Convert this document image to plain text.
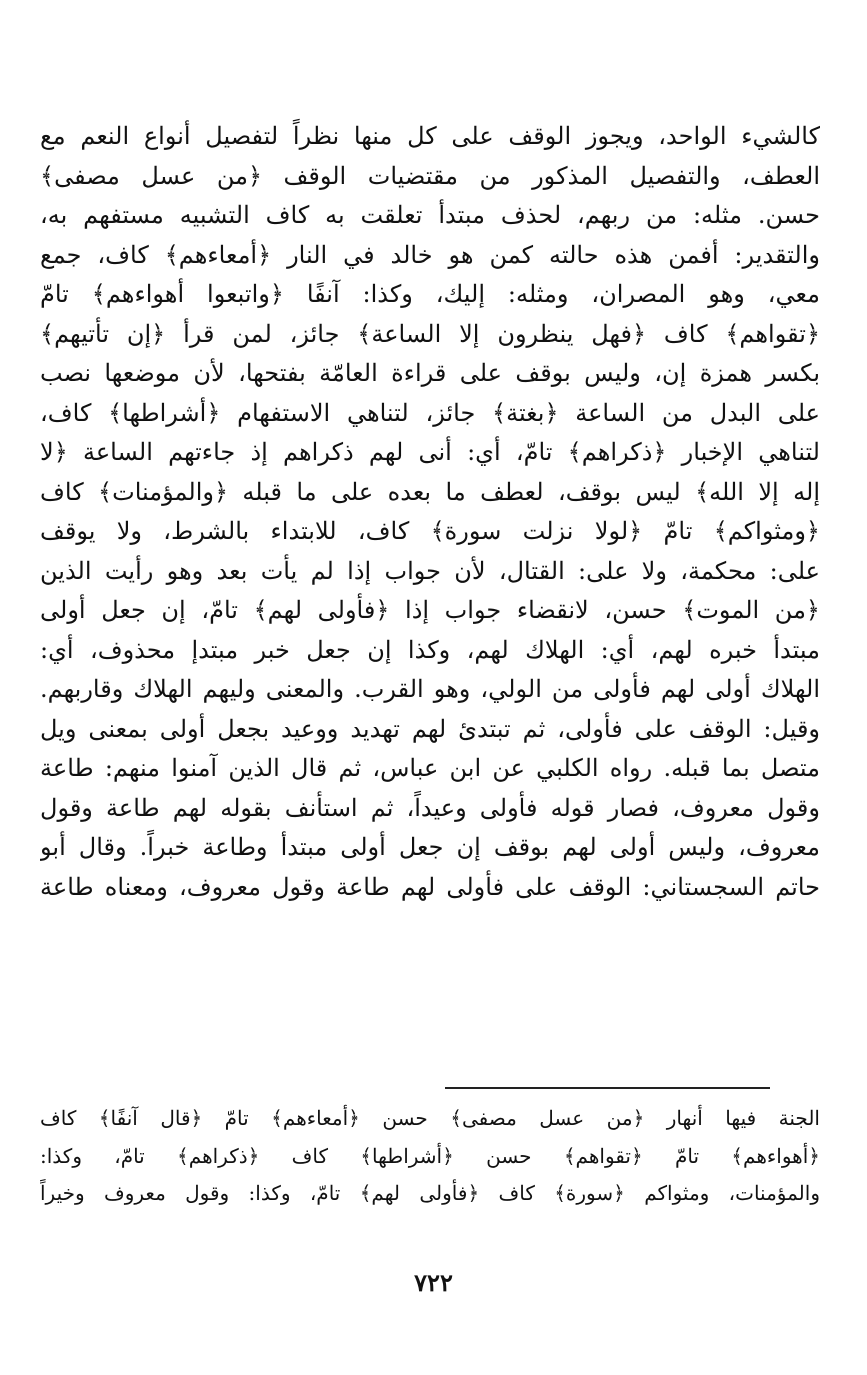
كالشيء الواحد، ويجوز الوقف على كل منها نظراً لتفصيل أنواع النعم مع
العطف، والتفصيل المذكور من مقتضيات الوقف ﴿من عسل مصفى﴾
حسن. مثله: من ربهم، لحذف مبتدأ تعلقت به كاف التشبيه مستفهم به،
والتقدير: أفمن هذه حالته كمن هو خالد في النار ﴿أمعاءهم﴾ كاف، جمع
معي، وهو المصران، ومثله: إليك، وكذا: آنفًا ﴿واتبعوا أهواءهم﴾ تامّ
﴿تقواهم﴾ كاف ﴿فهل ينظرون إلا الساعة﴾ جائز، لمن قرأ ﴿إن تأتيهم﴾
بكسر همزة إن، وليس بوقف على قراءة العامّة بفتحها، لأن موضعها نصب
على البدل من الساعة ﴿بغتة﴾ جائز، لتناهي الاستفهام ﴿أشراطها﴾ كاف،
لتناهي الإخبار ﴿ذكراهم﴾ تامّ، أي: أنى لهم ذكراهم إذ جاءتهم الساعة ﴿لا
إله إلا الله﴾ ليس بوقف، لعطف ما بعده على ما قبله ﴿والمؤمنات﴾ كاف
﴿ومثواكم﴾ تامّ ﴿لولا نزلت سورة﴾ كاف، للابتداء بالشرط، ولا يوقف
على: محكمة، ولا على: القتال، لأن جواب إذا لم يأت بعد وهو رأيت الذين
﴿من الموت﴾ حسن، لانقضاء جواب إذا ﴿فأولى لهم﴾ تامّ، إن جعل أولى
مبتدأ خبره لهم، أي: الهلاك لهم، وكذا إن جعل خبر مبتدإ محذوف، أي:
الهلاك أولى لهم فأولى من الولي، وهو القرب. والمعنى وليهم الهلاك وقاربهم.
وقيل: الوقف على فأولى، ثم تبتدئ لهم تهديد ووعيد بجعل أولى بمعنى ويل
متصل بما قبله. رواه الكلبي عن ابن عباس، ثم قال الذين آمنوا منهم: طاعة
وقول معروف، فصار قوله فأولى وعيداً، ثم استأنف بقوله لهم طاعة وقول
معروف، وليس أولى لهم بوقف إن جعل أولى مبتدأ وطاعة خبراً. وقال أبو
حاتم السجستاني: الوقف على فأولى لهم طاعة وقول معروف، ومعناه طاعة
الجنة فيها أنهار ﴿من عسل مصفى﴾ حسن ﴿أمعاءهم﴾ تامّ ﴿قال آنفًا﴾ كاف
﴿أهواءهم﴾ تامّ ﴿تقواهم﴾ حسن ﴿أشراطها﴾ كاف ﴿ذكراهم﴾ تامّ، وكذا:
والمؤمنات، ومثواكم ﴿سورة﴾ كاف ﴿فأولى لهم﴾ تامّ، وكذا: وقول معروف وخيراً
٧٢٢
